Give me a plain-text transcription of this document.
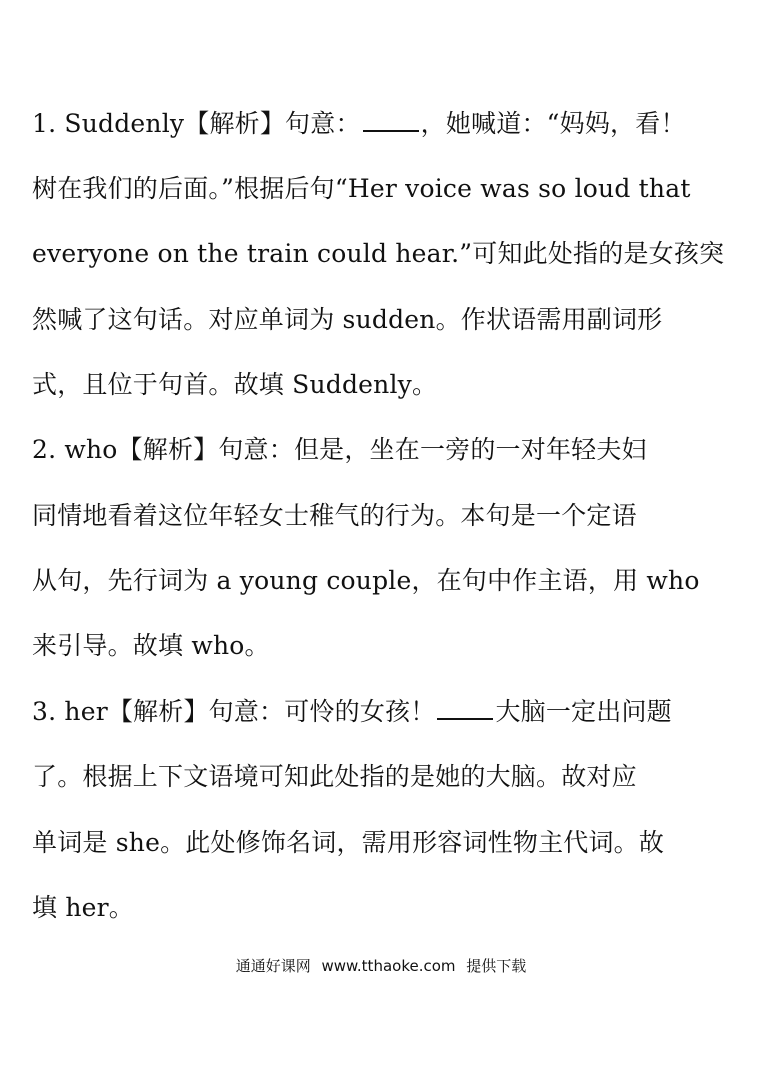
1. Suddenly【解析】句意： ，她喊道：“妈妈，看！
树在我们的后面。”根据后句“Her voice was so loud that
everyone on the train could hear.”可知此处指的是女孩突
然喊了这句话。对应单词为 sudden。作状语需用副词形
式，且位于句首。故填 Suddenly。
2. who【解析】句意：但是，坐在一旁的一对年轻夫妇
同情地看着这位年轻女士稚气的行为。本句是一个定语
从句，先行词为 a young couple，在句中作主语，用 who
来引导。故填 who。
3. her【解析】句意：可怜的女孩！ 大脑一定出问题
了。根据上下文语境可知此处指的是她的大脑。故对应
单词是 she。此处修饰名词，需用形容词性物主代词。故
填 her。
通通好课网 www.tthaoke.com 提供下载
